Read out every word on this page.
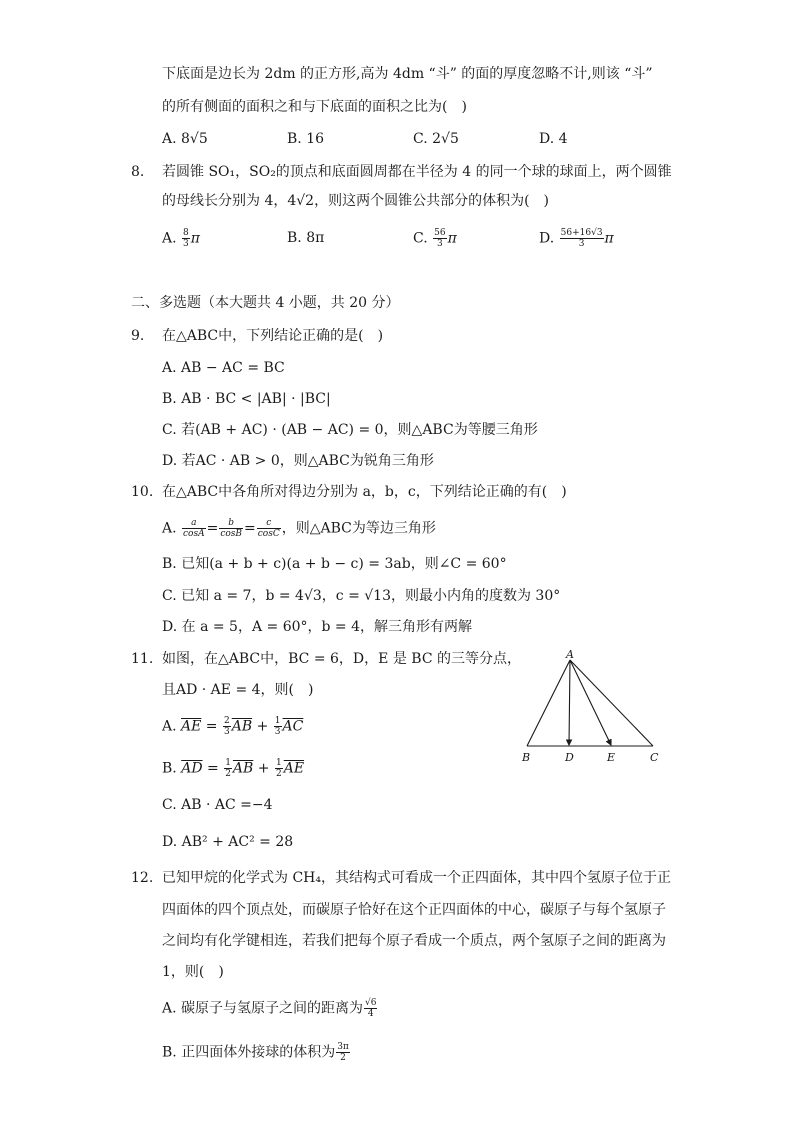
下底面是边长为 2dm 的正方形,高为 4dm “斗” 的面的厚度忽略不计,则该 “斗”
的所有侧面的面积之和与下底面的面积之比为(　)
A. 8√5	B. 16	C. 2√5	D. 4
8. 若圆锥 SO₁，SO₂的顶点和底面圆周都在半径为 4 的同一个球的球面上，两个圆锥
的母线长分别为 4，4√2，则这两个圆锥公共部分的体积为(　)
A. $\frac{8}{3}$ π	B. 8π	C. $\frac{56}{3}$ π	D. $\frac{56+16√3}{3}$ π
二、多选题（本大题共 4 小题，共 20 分）
9. 在△ABC中，下列结论正确的是(　)
A. AB − AC = BC
B. AB · BC < |AB| · |BC|
C. 若(AB + AC) · (AB − AC) = 0，则△ABC为等腰三角形
D. 若AC · AB > 0，则△ABC为锐角三角形
10. 在△ABC中各角所对得边分别为 a，b，c，下列结论正确的有(　)
A. $\frac{a}{\cos A} = \frac{b}{\cos B} = \frac{c}{\cos C}$ ，则△ABC为等边三角形
B. 已知(a + b + c)(a + b − c) = 3ab，则∠C = 60°
C. 已知 a = 7，b = 4√3，c = √13，则最小内角的度数为 30°
D. 在 a = 5，A = 60°，b = 4，解三角形有两解
11. 如图，在△ABC中，BC = 6，D，E 是 BC 的三等分点，
且AD · AE = 4，则(　)
A. $\overline{AE} = \frac{2}{3} \overline{AB} + \frac{1}{3} \overline{AC}$
B. $\overline{AD} = \frac{1}{2} \overline{AB} + \frac{1}{2} \overline{AE}$
C. AB · AC =−4
D. AB² + AC² = 28
A
B	D	E	C
12. 已知甲烷的化学式为 CH₄，其结构式可看成一个正四面体，其中四个氢原子位于正
四面体的四个顶点处，而碳原子恰好在这个正四面体的中心，碳原子与每个氢原子
之间均有化学键相连，若我们把每个原子看成一个质点，两个氢原子之间的距离为
1，则(　)
A. 碳原子与氢原子之间的距离为 $\frac{√6}{4}$
B. 正四面体外接球的体积为 $\frac{3\pi}{2}$
